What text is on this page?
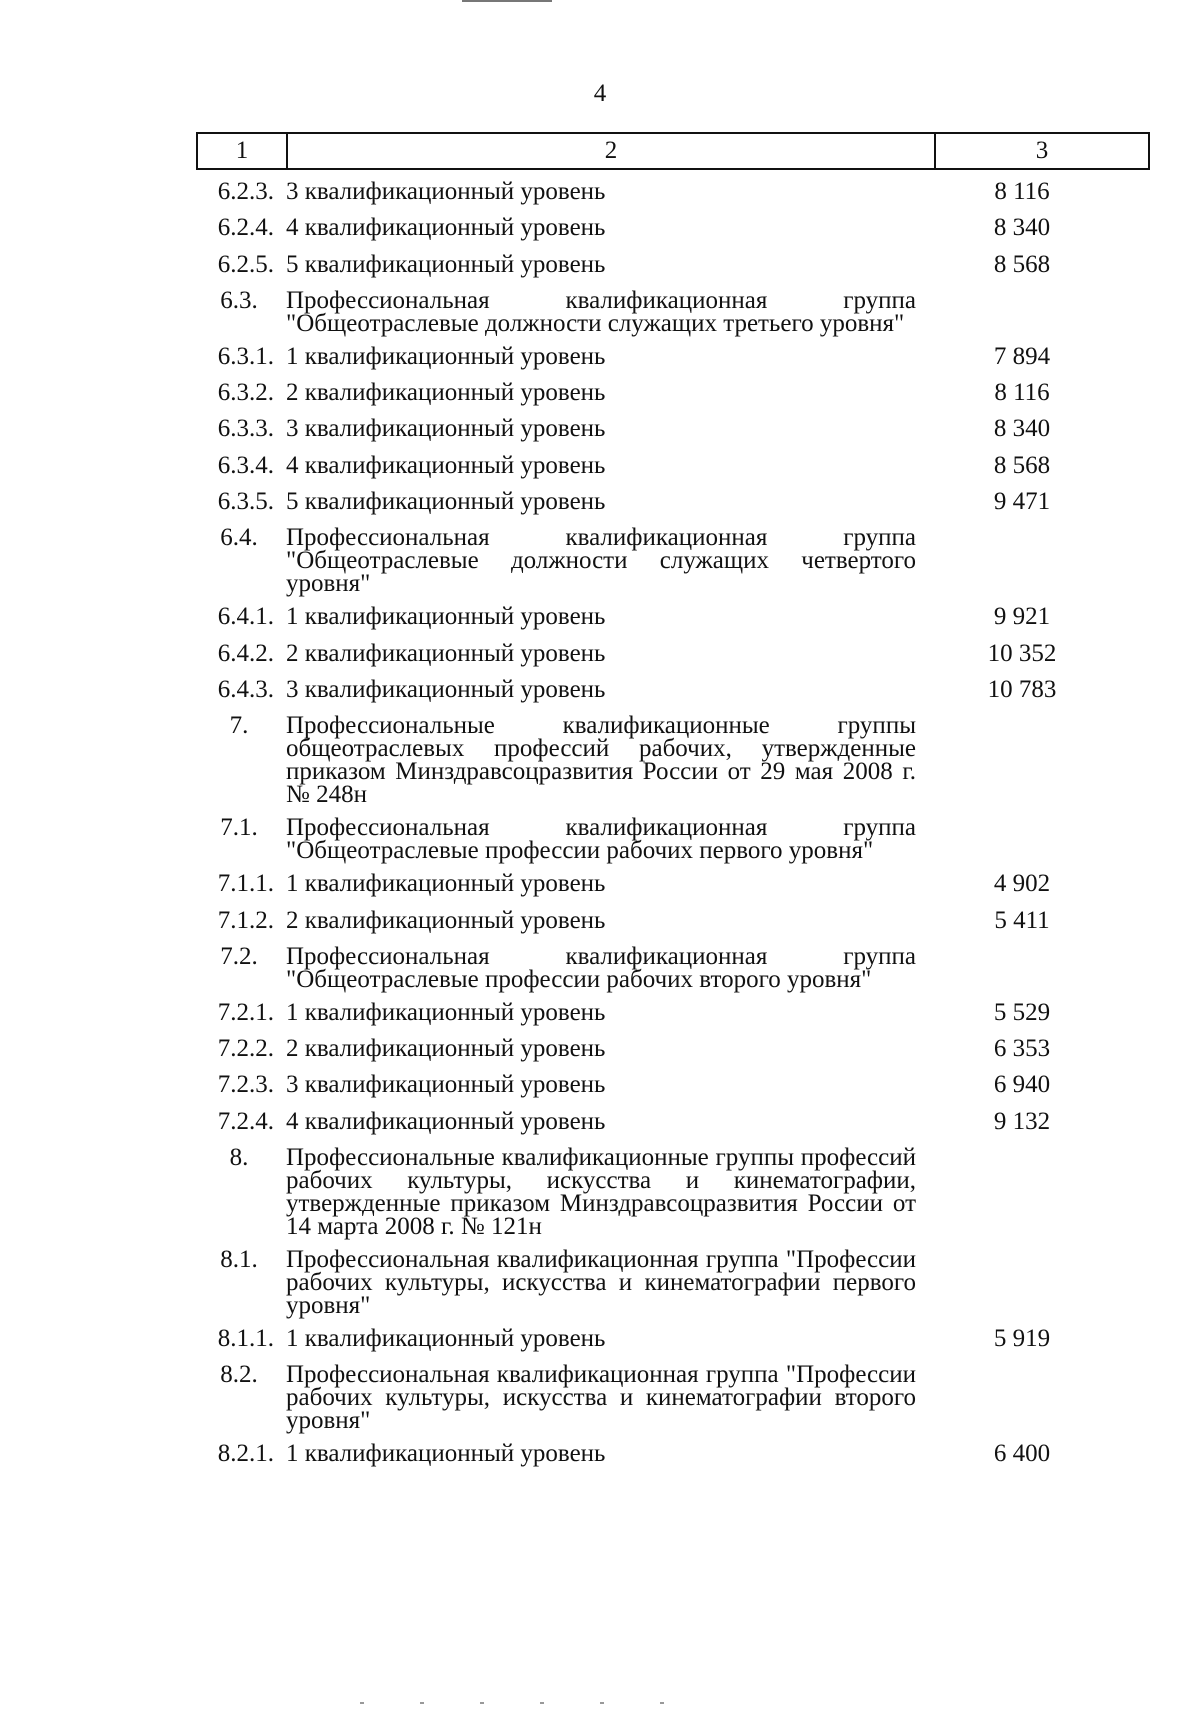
4
1	2	3
6.2.3. 3 квалификационный уровень	8 116
6.2.4. 4 квалификационный уровень	8 340
6.2.5. 5 квалификационный уровень	8 568
6.3.	Профессиональная квалификационная группа "Общеотраслевые должности служащих третьего уровня"
6.3.1. 1 квалификационный уровень	7 894
6.3.2. 2 квалификационный уровень	8 116
6.3.3. 3 квалификационный уровень	8 340
6.3.4. 4 квалификационный уровень	8 568
6.3.5. 5 квалификационный уровень	9 471
6.4.	Профессиональная квалификационная группа "Общеотраслевые должности служащих четвертого уровня"
6.4.1. 1 квалификационный уровень	9 921
6.4.2. 2 квалификационный уровень	10 352
6.4.3. 3 квалификационный уровень	10 783
7.	Профессиональные квалификационные группы общеотраслевых профессий рабочих, утвержденные приказом Минздравсоцразвития России от 29 мая 2008 г. № 248н
7.1.	Профессиональная квалификационная группа "Общеотраслевые профессии рабочих первого уровня"
7.1.1. 1 квалификационный уровень	4 902
7.1.2. 2 квалификационный уровень	5 411
7.2.	Профессиональная квалификационная группа "Общеотраслевые профессии рабочих второго уровня"
7.2.1. 1 квалификационный уровень	5 529
7.2.2. 2 квалификационный уровень	6 353
7.2.3. 3 квалификационный уровень	6 940
7.2.4. 4 квалификационный уровень	9 132
8.	Профессиональные квалификационные группы профессий рабочих культуры, искусства и кинематографии, утвержденные приказом Минздравсоцразвития России от 14 марта 2008 г. № 121н
8.1.	Профессиональная квалификационная группа "Профессии рабочих культуры, искусства и кинематографии первого уровня"
8.1.1. 1 квалификационный уровень	5 919
8.2.	Профессиональная квалификационная группа "Профессии рабочих культуры, искусства и кинематографии второго уровня"
8.2.1. 1 квалификационный уровень	6 400
